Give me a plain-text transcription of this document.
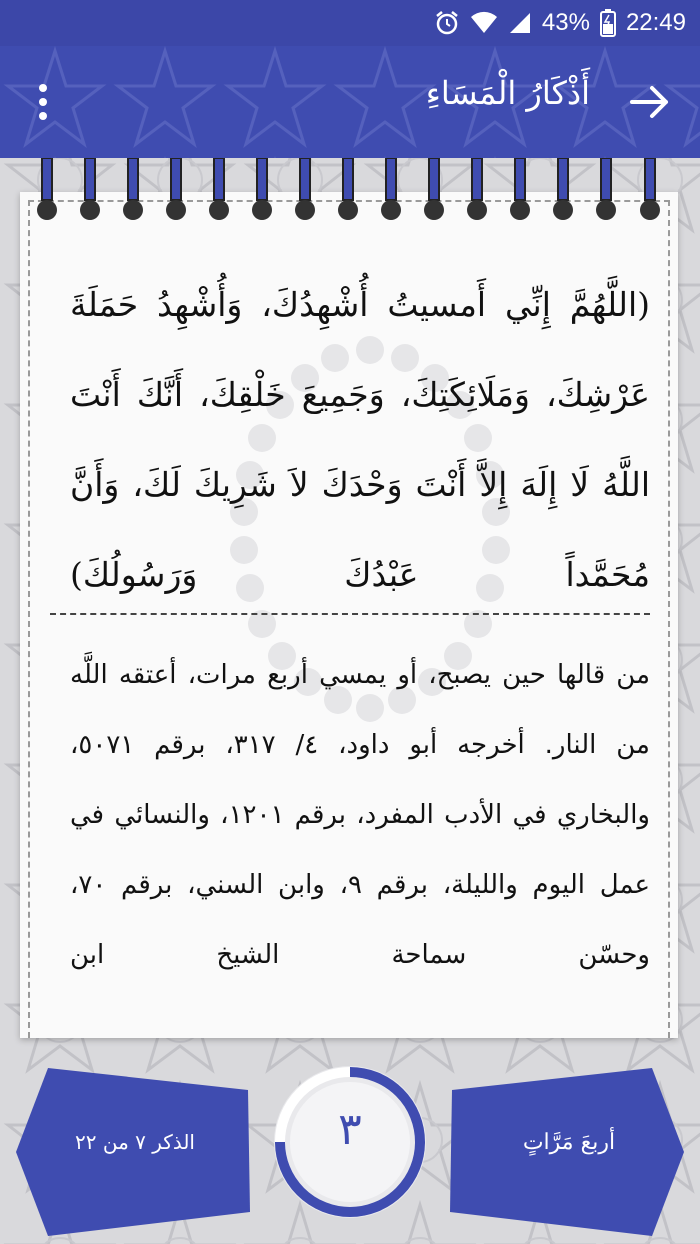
43% 22:49
أَذْكَارُ الْمَسَاءِ
(اللَّهُمَّ إِنِّي أَمسيتُ أُشْهِدُكَ، وَأُشْهِدُ حَمَلَةَ عَرْشِكَ، وَمَلَائِكَتِكَ، وَجَمِيعَ خَلْقِكَ، أَنَّكَ أَنْتَ اللَّهُ لَا إِلَهَ إِلاَّ أَنْتَ وَحْدَكَ لاَ شَرِيكَ لَكَ، وَأَنَّ مُحَمَّداً عَبْدُكَ وَرَسُولُكَ)
من قالها حين يصبح، أو يمسي أربع مرات، أعتقه اللَّه من النار. أخرجه أبو داود، ٤/ ٣١٧، برقم ٥٠٧١، والبخاري في الأدب المفرد، برقم ١٢٠١، والنسائي في عمل اليوم والليلة، برقم ٩، وابن السني، برقم ٧٠، وحسّن سماحة الشيخ ابن
الذكر ٧ من ٢٢	أربعَ مَرَّاتٍ
٣
